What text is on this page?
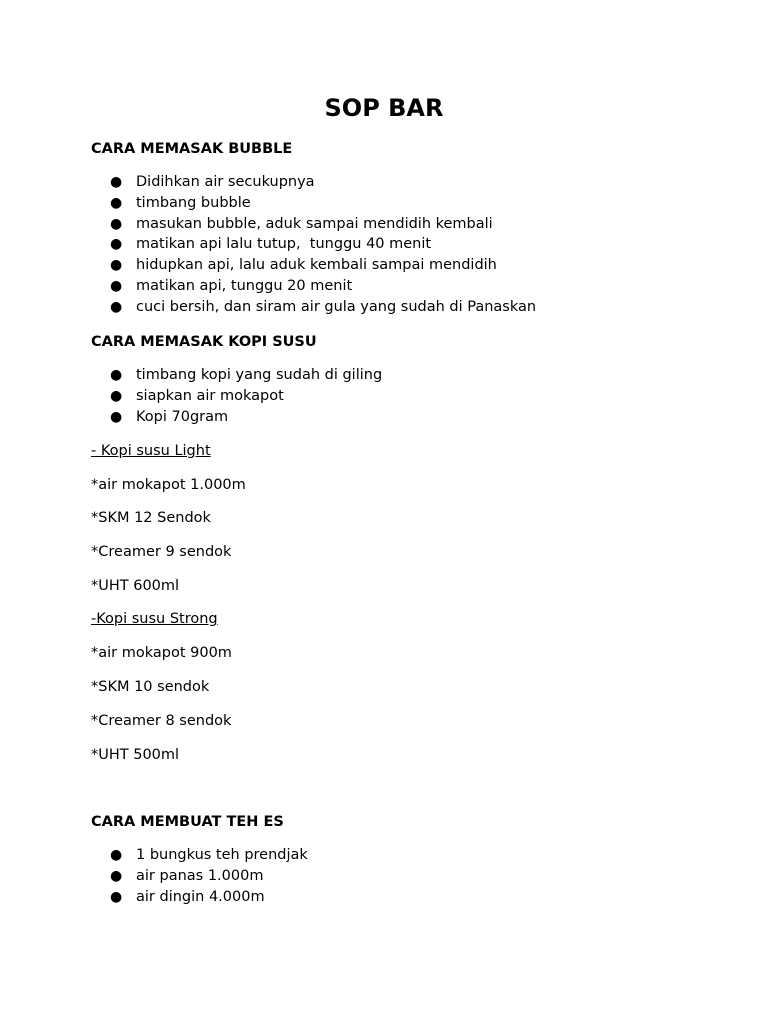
SOP BAR
CARA MEMASAK BUBBLE
● Didihkan air secukupnya
● timbang bubble
● masukan bubble, aduk sampai mendidih kembali
● matikan api lalu tutup,  tunggu 40 menit
● hidupkan api, lalu aduk kembali sampai mendidih
● matikan api, tunggu 20 menit
● cuci bersih, dan siram air gula yang sudah di Panaskan
CARA MEMASAK KOPI SUSU
● timbang kopi yang sudah di giling
● siapkan air mokapot
● Kopi 70gram
- Kopi susu Light
*air mokapot 1.000m
*SKM 12 Sendok
*Creamer 9 sendok
*UHT 600ml
-Kopi susu Strong
*air mokapot 900m
*SKM 10 sendok
*Creamer 8 sendok
*UHT 500ml
CARA MEMBUAT TEH ES
● 1 bungkus teh prendjak
● air panas 1.000m
● air dingin 4.000m
